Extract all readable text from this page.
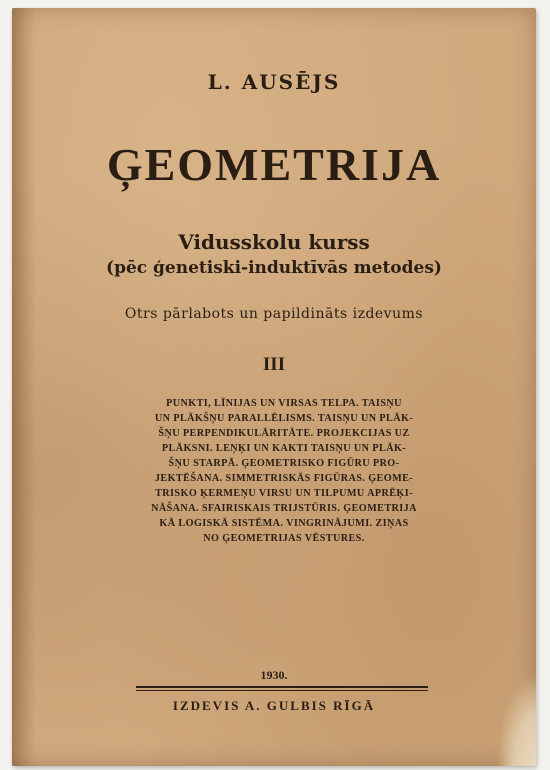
L. AUSĒJS
ĢEOMETRIJA
Vidusskolu kurss
(pēc ģenetiski-induktīvās metodes)
Otrs pārlabots un papildināts izdevums
III
PUNKTI, LĪNIJAS UN VIRSAS TELPA. TAISŅU
UN PLĀKŠŅU PARALLĒLISMS. TAISŅU UN PLĀK-
ŠŅU PERPENDIKULĀRITĀTE. PROJEKCIJAS UZ
PLĀKSNI. LEŅĶI UN KAKTI TAISŅU UN PLĀK-
ŠŅU STARPĀ. ĢEOMETRISKO FIGŪRU PRO-
JEKTĒŠANA. SIMMETRISKĀS FIGŪRAS. ĢEOME-
TRISKO ĶERMEŅU VIRSU UN TILPUMU APRĒĶI-
NĀŠANA. SFAIRISKAIS TRIJSTŪRIS. ĢEOMETRIJA
KĀ LOGISKĀ SISTĒMA. VINGRINĀJUMI. ZIŅAS
NO ĢEOMETRIJAS VĒSTURES.
1930.
IZDEVIS A. GULBIS RĪGĀ
